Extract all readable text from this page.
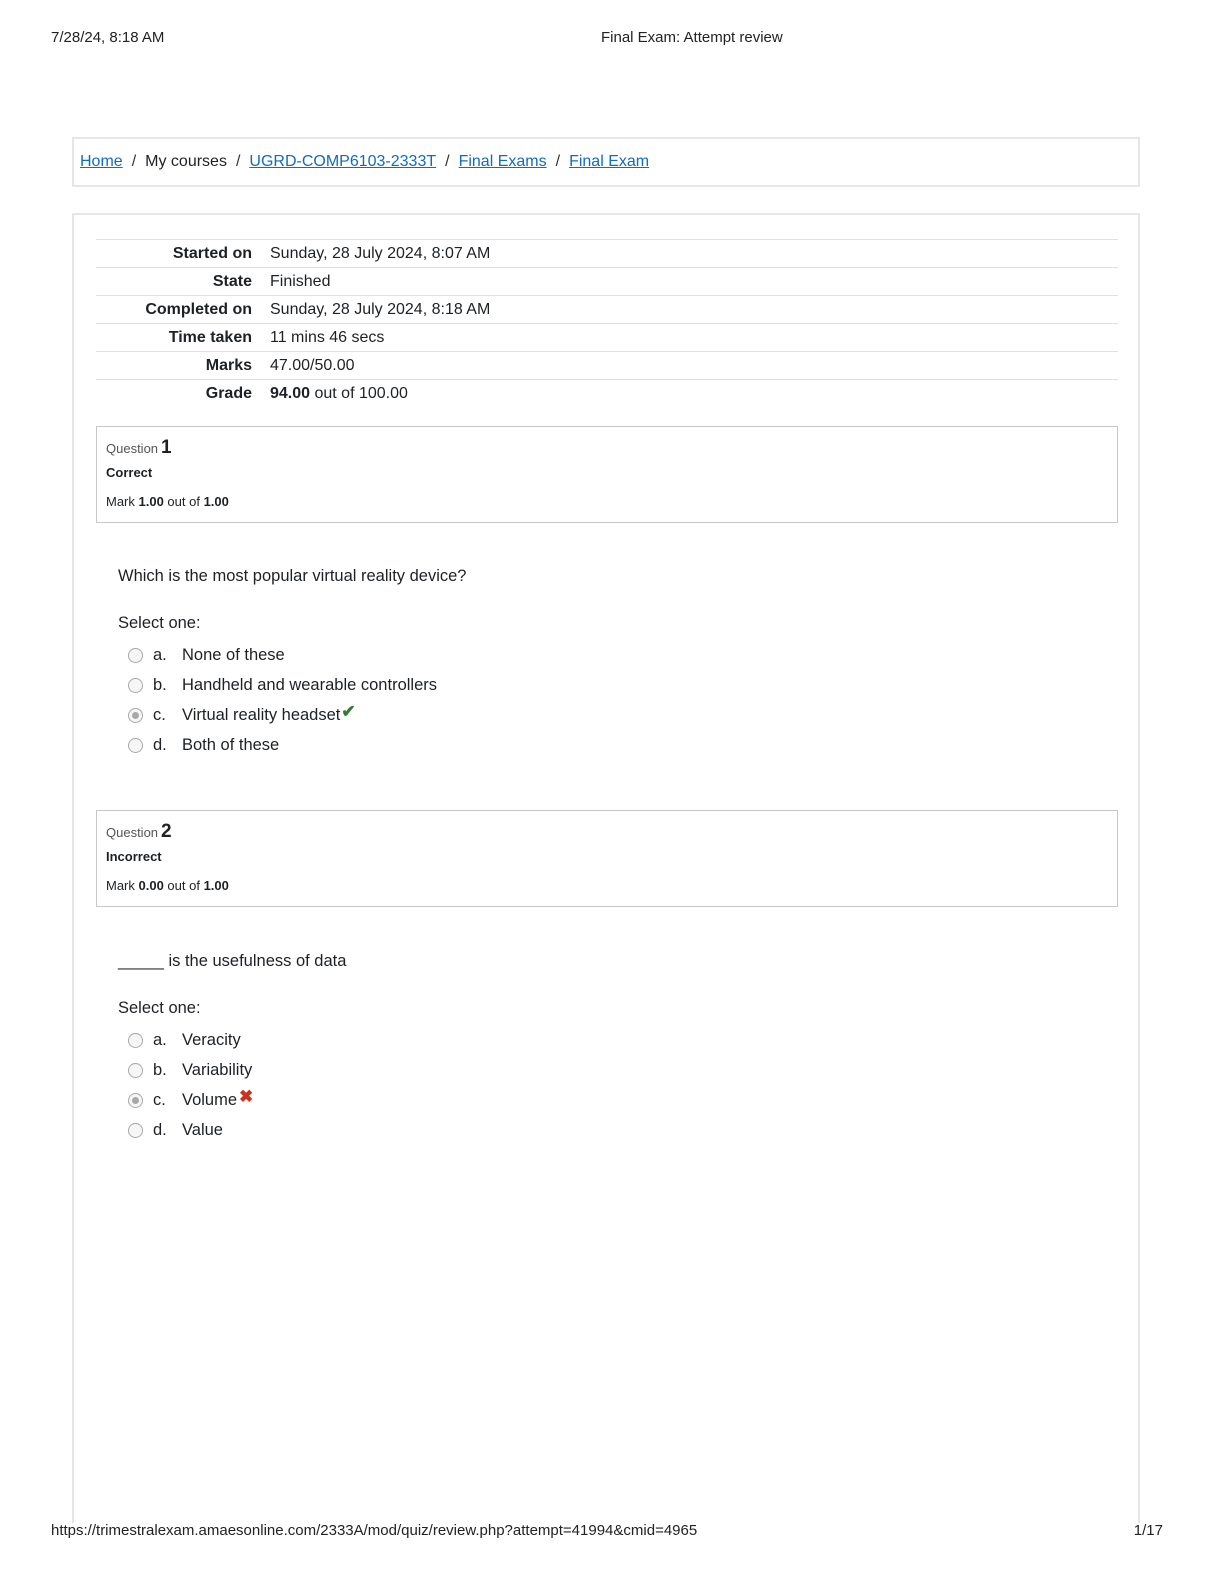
7/28/24, 8:18 AM	Final Exam: Attempt review
Home / My courses / UGRD-COMP6103-2333T / Final Exams / Final Exam
Started on	Sunday, 28 July 2024, 8:07 AM
State	Finished
Completed on	Sunday, 28 July 2024, 8:18 AM
Time taken	11 mins 46 secs
Marks	47.00/50.00
Grade	94.00 out of 100.00
Question 1
Correct
Mark 1.00 out of 1.00
Which is the most popular virtual reality device?
Select one:
a. None of these
b. Handheld and wearable controllers
c. Virtual reality headset ✔
d. Both of these
Question 2
Incorrect
Mark 0.00 out of 1.00
_____ is the usefulness of data
Select one:
a. Veracity
b. Variability
c. Volume ✖
d. Value
https://trimestralexam.amaesonline.com/2333A/mod/quiz/review.php?attempt=41994&cmid=4965	1/17
